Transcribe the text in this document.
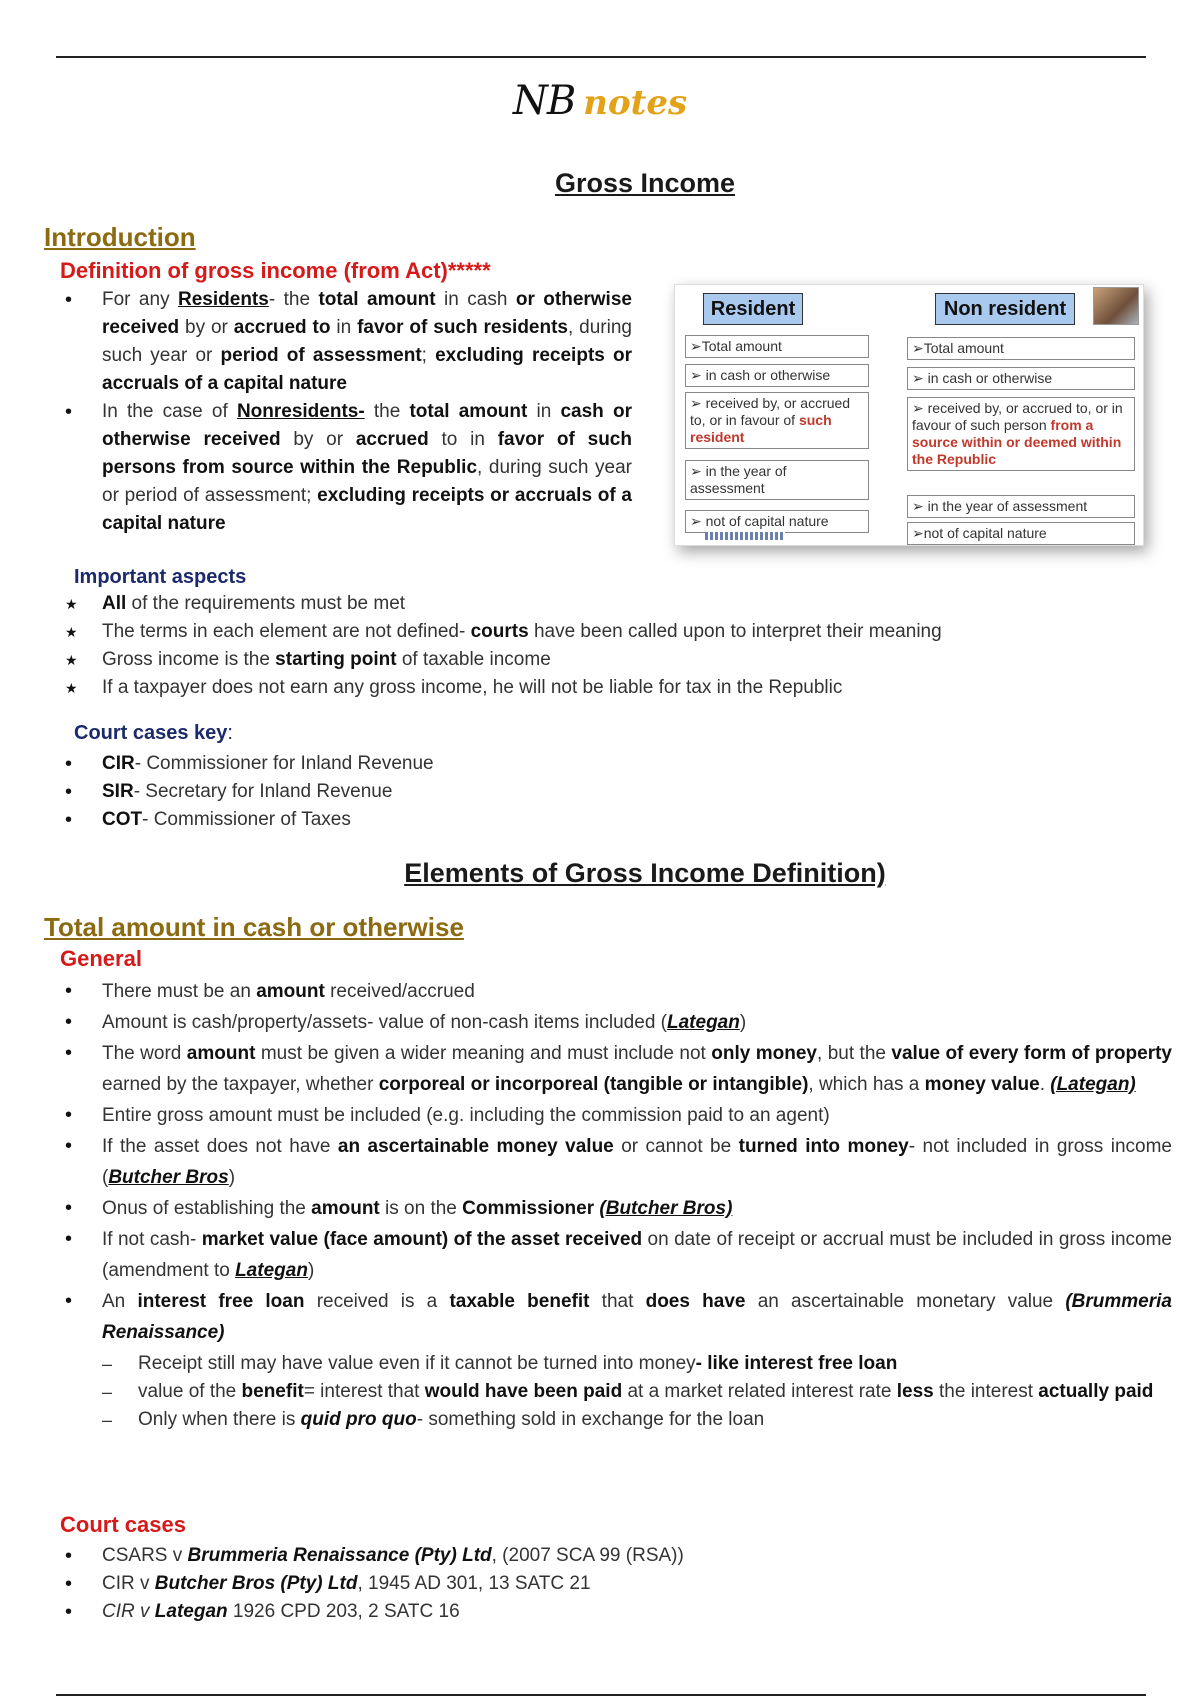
NB notes
Gross Income
Introduction
Definition of gross income (from Act)*****
• For any Residents- the total amount in cash or otherwise received by or accrued to in favor of such residents, during such year or period of assessment; excluding receipts or accruals of a capital nature
• In the case of Nonresidents- the total amount in cash or otherwise received by or accrued to in favor of such persons from source within the Republic, during such year or period of assessment; excluding receipts or accruals of a capital nature
Resident	Non resident
➢Total amount
➢ in cash or otherwise
➢ received by, or accrued to, or in favour of such resident
➢ in the year of assessment
➢ not of capital nature
➢Total amount
➢ in cash or otherwise
➢ received by, or accrued to, or in favour of such person from a source within or deemed within the Republic
➢ in the year of assessment
➢not of capital nature
Important aspects
★ All of the requirements must be met
★ The terms in each element are not defined- courts have been called upon to interpret their meaning
★ Gross income is the starting point of taxable income
★ If a taxpayer does not earn any gross income, he will not be liable for tax in the Republic
Court cases key:
• CIR- Commissioner for Inland Revenue
• SIR- Secretary for Inland Revenue
• COT- Commissioner of Taxes
Elements of Gross Income Definition)
Total amount in cash or otherwise
General
• There must be an amount received/accrued
• Amount is cash/property/assets- value of non-cash items included (Lategan)
• The word amount must be given a wider meaning and must include not only money, but the value of every form of property earned by the taxpayer, whether corporeal or incorporeal (tangible or intangible), which has a money value. (Lategan)
• Entire gross amount must be included (e.g. including the commission paid to an agent)
• If the asset does not have an ascertainable money value or cannot be turned into money- not included in gross income (Butcher Bros)
• Onus of establishing the amount is on the Commissioner (Butcher Bros)
• If not cash- market value (face amount) of the asset received on date of receipt or accrual must be included in gross income (amendment to Lategan)
• An interest free loan received is a taxable benefit that does have an ascertainable monetary value (Brummeria Renaissance)
– Receipt still may have value even if it cannot be turned into money- like interest free loan
– value of the benefit= interest that would have been paid at a market related interest rate less the interest actually paid
– Only when there is quid pro quo- something sold in exchange for the loan
Court cases
• CSARS v Brummeria Renaissance (Pty) Ltd, (2007 SCA 99 (RSA))
• CIR v Butcher Bros (Pty) Ltd, 1945 AD 301, 13 SATC 21
• CIR v Lategan 1926 CPD 203, 2 SATC 16
